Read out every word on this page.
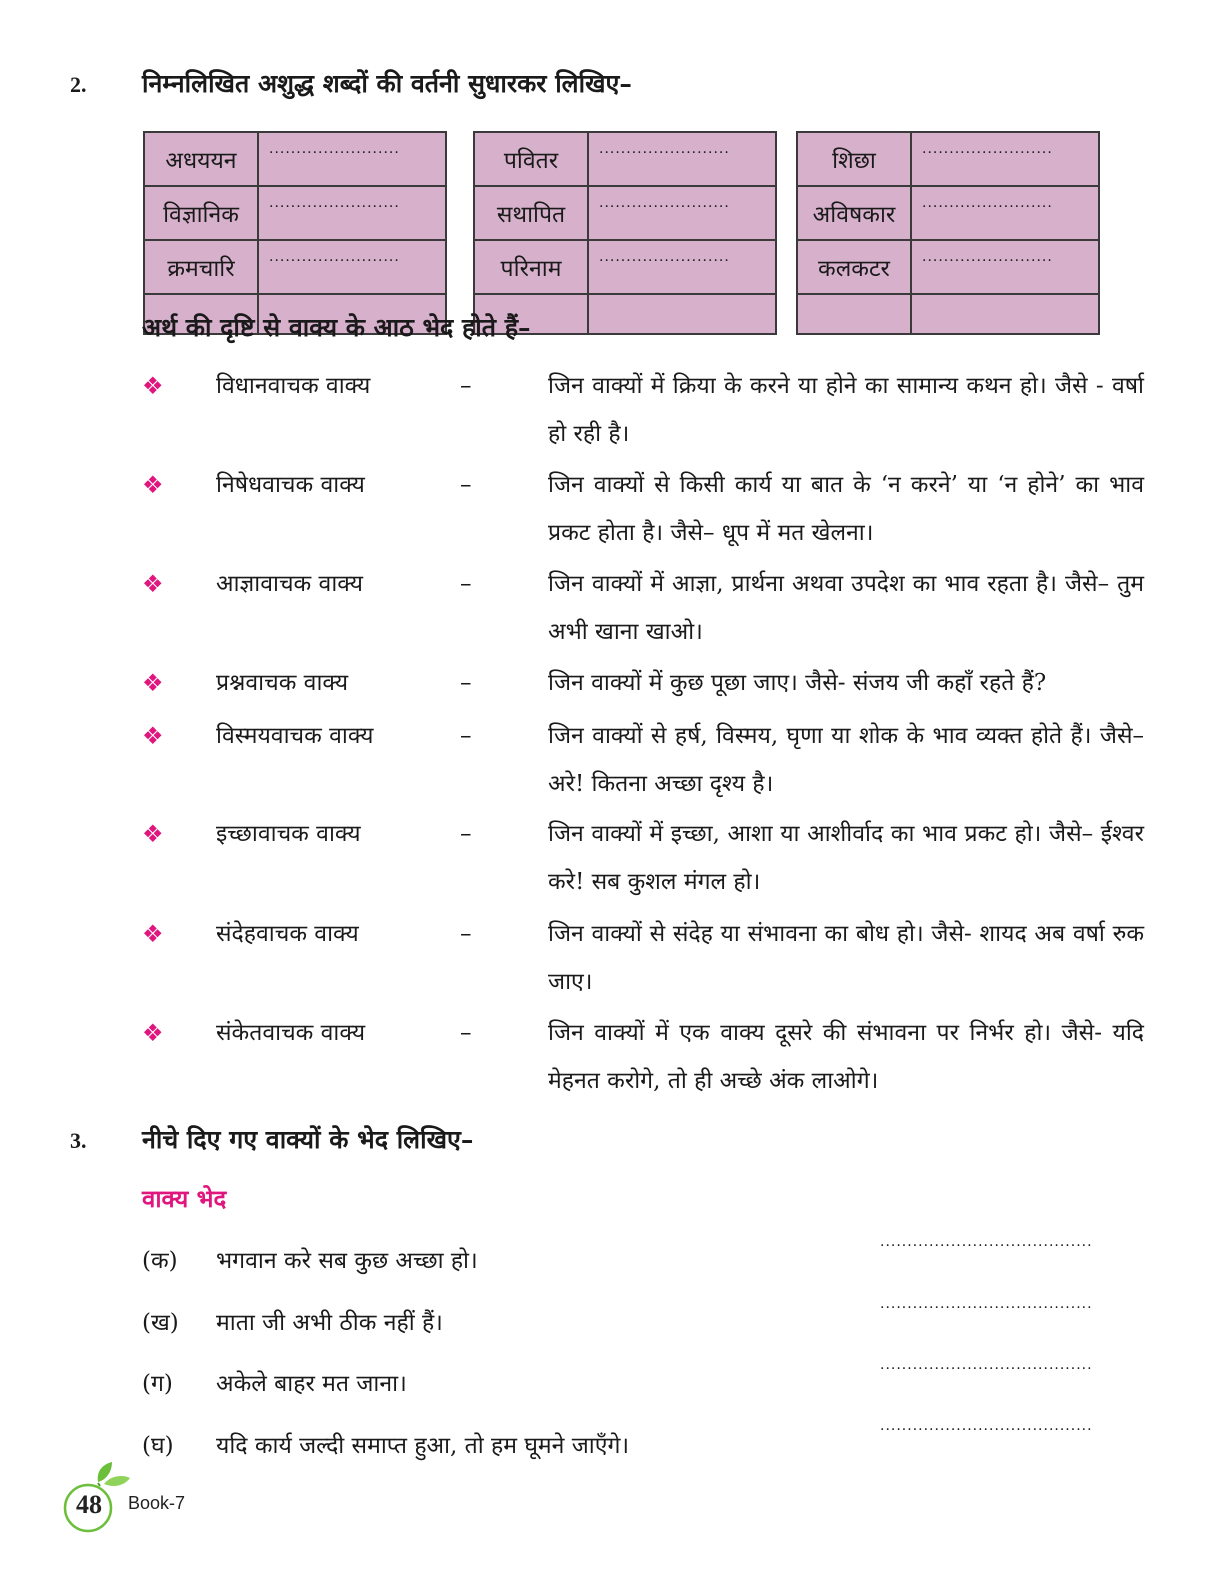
2. निम्नलिखित अशुद्ध शब्दों की वर्तनी सुधारकर लिखिए–
अधययन	························
विज्ञानिक	························
क्रमचारि	························

पवितर	························
सथापित	························
परिनाम	························

शिछा	························
अविषकार	························
कलकटर	························

अर्थ की दृष्टि से वाक्य के आठ भेद होते हैं–
❖ विधानवाचक वाक्य	–	जिन वाक्यों में क्रिया के करने या होने का सामान्य कथन हो। जैसे - वर्षा हो रही है।
❖ निषेधवाचक वाक्य	–	जिन वाक्यों से किसी कार्य या बात के ‘न करने’ या ‘न होने’ का भाव प्रकट होता है। जैसे– धूप में मत खेलना।
❖ आज्ञावाचक वाक्य	–	जिन वाक्यों में आज्ञा, प्रार्थना अथवा उपदेश का भाव रहता है। जैसे– तुम अभी खाना खाओ।
❖ प्रश्नवाचक वाक्य	–	जिन वाक्यों में कुछ पूछा जाए। जैसे- संजय जी कहाँ रहते हैं?
❖ विस्मयवाचक वाक्य	–	जिन वाक्यों से हर्ष, विस्मय, घृणा या शोक के भाव व्यक्त होते हैं। जैसे– अरे! कितना अच्छा दृश्य है।
❖ इच्छावाचक वाक्य	–	जिन वाक्यों में इच्छा, आशा या आशीर्वाद का भाव प्रकट हो। जैसे– ईश्वर करे! सब कुशल मंगल हो।
❖ संदेहवाचक वाक्य	–	जिन वाक्यों से संदेह या संभावना का बोध हो। जैसे- शायद अब वर्षा रुक जाए।
❖ संकेतवाचक वाक्य	–	जिन वाक्यों में एक वाक्य दूसरे की संभावना पर निर्भर हो। जैसे- यदि मेहनत करोगे, तो ही अच्छे अंक लाओगे।
3. नीचे दिए गए वाक्यों के भेद लिखिए–
वाक्य भेद
(क) भगवान करे सब कुछ अच्छा हो।
·······································
(ख) माता जी अभी ठीक नहीं हैं।
·······································
(ग) अकेले बाहर मत जाना।
·······································
(घ) यदि कार्य जल्दी समाप्त हुआ, तो हम घूमने जाएँगे।
·······································
48	Book-7
